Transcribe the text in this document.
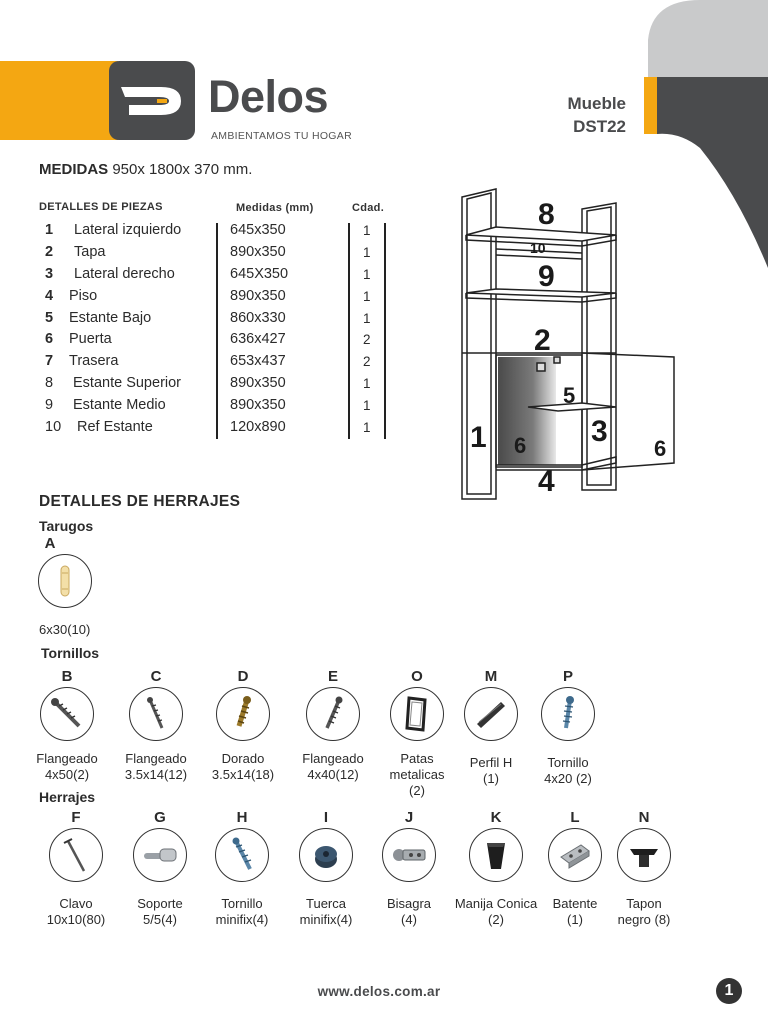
Delos
AMBIENTAMOS TU HOGAR
Mueble
DST22
MEDIDAS 950x 1800x 370 mm.
DETALLES DE PIEZAS	Medidas (mm)	Cdad.
1	Lateral izquierdo	645x350	1
2	Tapa	890x350	1
3	Lateral derecho	645X350	1
4	Piso	890x350	1
5	Estante Bajo	860x330	1
6	Puerta	636x427	2
7	Trasera	653x437	2
8	Estante Superior	890x350	1
9	Estante Medio	890x350	1
10 Ref Estante	120x890	1
8
10
9
2
5
1 6 3
6
4
DETALLES DE HERRAJES
Tarugos
A
6x30(10)
Tornillos
B
Flangeado
4x50(2)
C
Flangeado
3.5x14(12)
D
Dorado
3.5x14(18)
E
Flangeado
4x40(12)
O
Patas
metalicas
(2)
M
Perfil H
(1)
P
Tornillo
4x20 (2)
Herrajes
F
Clavo
10x10(80)
G
Soporte
5/5(4)
H
Tornillo
minifix(4)
I
Tuerca
minifix(4)
J
Bisagra
(4)
K
Manija Conica
(2)
L
Batente
(1)
N
Tapon
negro (8)
www.delos.com.ar	1
